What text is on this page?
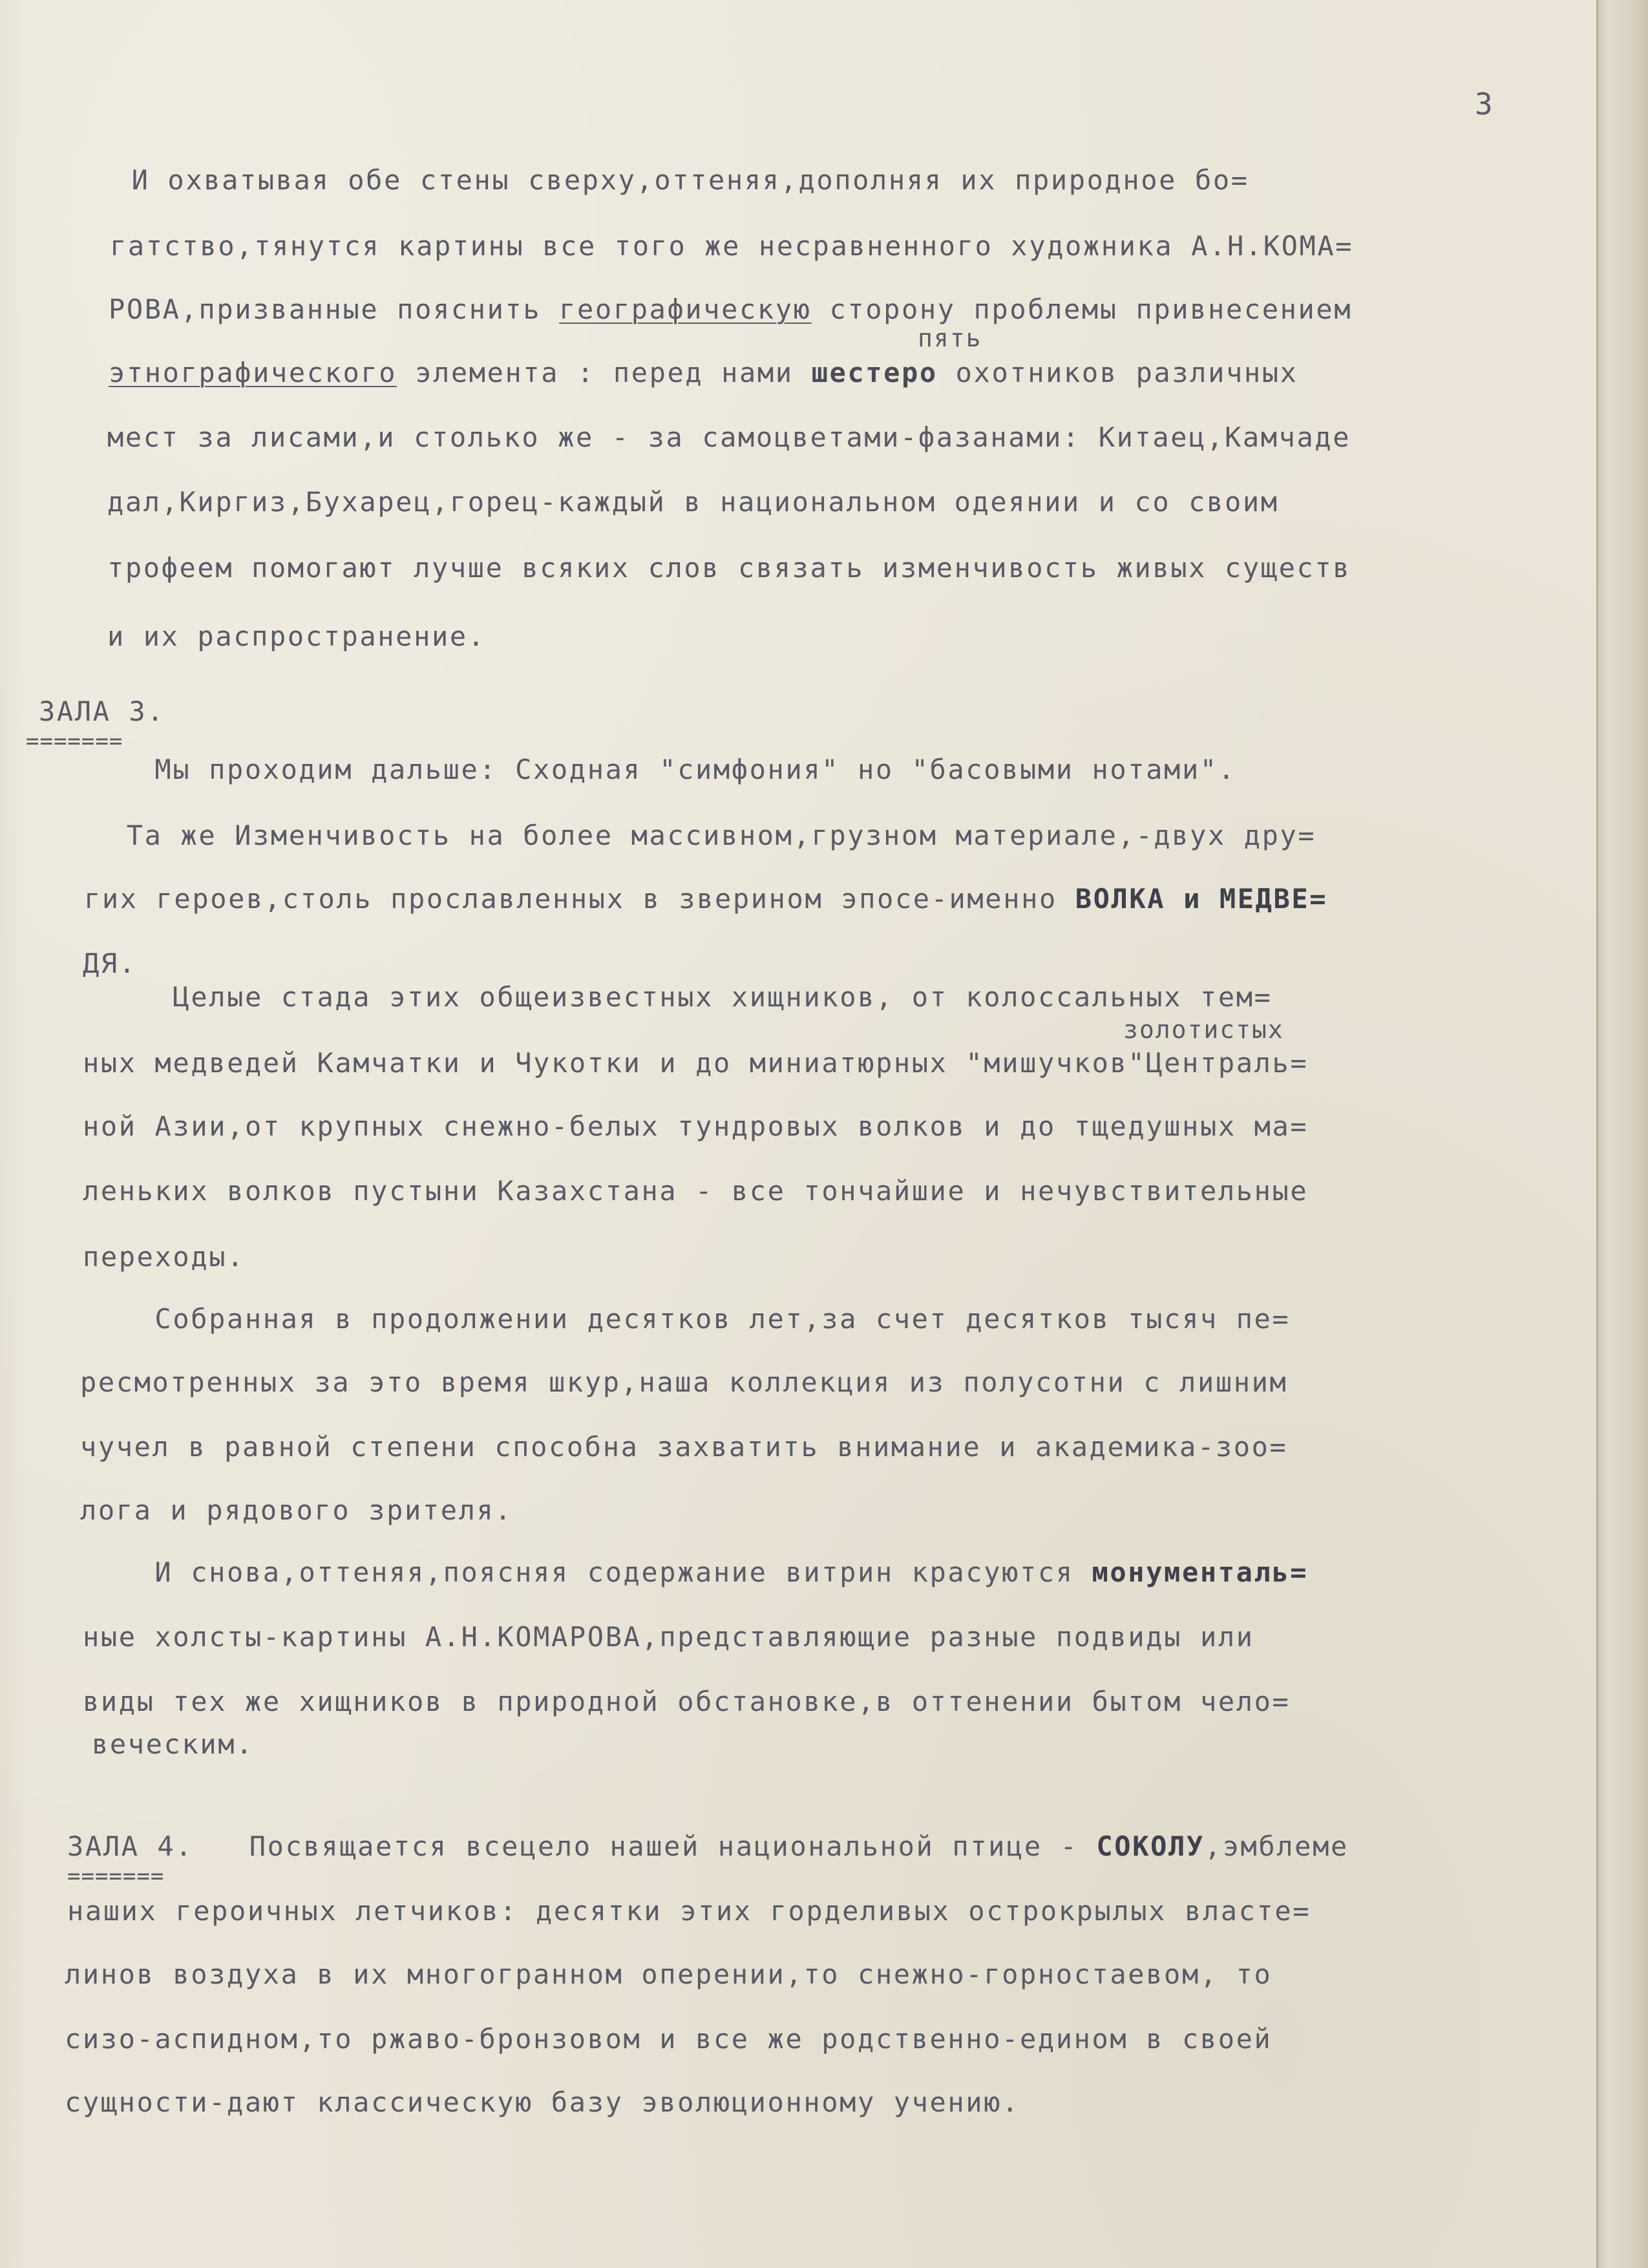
3
И охватывая обе стены сверху,оттеняя,дополняя их природное бо=
гатство,тянутся картины все того же несравненного художника А.Н.КОМА=
РОВА,призванные пояснить географическую сторону проблемы привнесением
пять
этнографического элемента : перед нами шестеро охотников различных
мест за лисами,и столько же - за самоцветами-фазанами: Китаец,Камчаде
дал,Киргиз,Бухарец,горец-каждый в национальном одеянии и со своим
трофеем помогают лучше всяких слов связать изменчивость живых существ
и их распространение.
ЗАЛА 3.
=======
Мы проходим дальше: Сходная "симфония" но "басовыми нотами".
Та же Изменчивость на более массивном,грузном материале,-двух дру=
гих героев,столь прославленных в зверином эпосе-именно ВОЛКА и МЕДВЕ=
ДЯ.
Целые стада этих общеизвестных хищников, от колоссальных тем=
золотистых
ных медведей Камчатки и Чукотки и до миниатюрных "мишучков"Централь=
ной Азии,от крупных снежно-белых тундровых волков и до тщедушных ма=
леньких волков пустыни Казахстана - все тончайшие и нечувствительные
переходы.
Собранная в продолжении десятков лет,за счет десятков тысяч пе=
ресмотренных за это время шкур,наша коллекция из полусотни с лишним
чучел в равной степени способна захватить внимание и академика-зоо=
лога и рядового зрителя.
И снова,оттеняя,поясняя содержание витрин красуются монументаль=
ные холсты-картины А.Н.КОМАРОВА,представляющие разные подвиды или
виды тех же хищников в природной обстановке,в оттенении бытом чело=
веческим.
ЗАЛА 4.
=======
Посвящается всецело нашей национальной птице - СОКОЛУ,эмблеме
наших героичных летчиков: десятки этих горделивых острокрылых власте=
линов воздуха в их многогранном оперении,то снежно-горностаевом, то
сизо-аспидном,то ржаво-бронзовом и все же родственно-едином в своей
сущности-дают классическую базу эволюционному учению.
